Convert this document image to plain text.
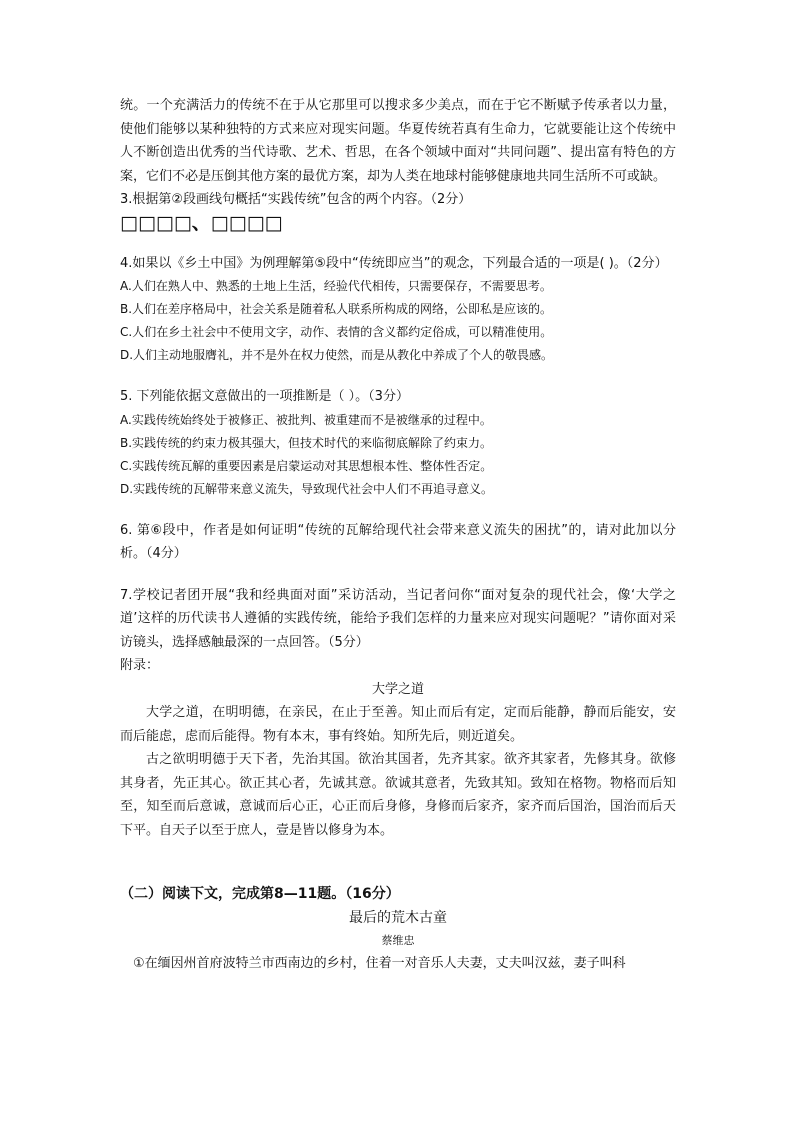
统。一个充满活力的传统不在于从它那里可以搜求多少美点，而在于它不断赋予传承者以力量，使他们能够以某种独特的方式来应对现实问题。华夏传统若真有生命力，它就要能让这个传统中人不断创造出优秀的当代诗歌、艺术、哲思，在各个领域中面对“共同问题”、提出富有特色的方案，它们不必是压倒其他方案的最优方案，却为人类在地球村能够健康地共同生活所不可或缺。

3.根据第②段画线句概括“实践传统”包含的两个内容。（2分）

□□□□、□□□□

4.如果以《乡土中国》为例理解第⑤段中“传统即应当”的观念，下列最合适的一项是( )。（2分）

A.人们在熟人中、熟悉的土地上生活，经验代代相传，只需要保存，不需要思考。

B.人们在差序格局中，社会关系是随着私人联系所构成的网络，公即私是应该的。

C.人们在乡土社会中不使用文字，动作、表情的含义都约定俗成，可以精准使用。

D.人们主动地服膺礼，并不是外在权力使然，而是从教化中养成了个人的敬畏感。

5. 下列能依据文意做出的一项推断是（ ）。（3分）

A.实践传统始终处于被修正、被批判、被重建而不是被继承的过程中。

B.实践传统的约束力极其强大，但技术时代的来临彻底解除了约束力。

C.实践传统瓦解的重要因素是启蒙运动对其思想根本性、整体性否定。

D.实践传统的瓦解带来意义流失，导致现代社会中人们不再追寻意义。

6. 第⑥段中，作者是如何证明“传统的瓦解给现代社会带来意义流失的困扰”的，请对此加以分析。（4分）

7.学校记者团开展“我和经典面对面”采访活动，当记者问你“面对复杂的现代社会，像‘大学之道’这样的历代读书人遵循的实践传统，能给予我们怎样的力量来应对现实问题呢？”请你面对采访镜头，选择感触最深的一点回答。（5分）

附录：

大学之道

大学之道，在明明德，在亲民，在止于至善。知止而后有定，定而后能静，静而后能安，安而后能虑，虑而后能得。物有本末，事有终始。知所先后，则近道矣。

古之欲明明德于天下者，先治其国。欲治其国者，先齐其家。欲齐其家者，先修其身。欲修其身者，先正其心。欲正其心者，先诚其意。欲诚其意者，先致其知。致知在格物。物格而后知至，知至而后意诚，意诚而后心正，心正而后身修，身修而后家齐，家齐而后国治，国治而后天下平。自天子以至于庶人，壹是皆以修身为本。

（二）阅读下文，完成第8—11题。（16分）

最后的荒木古童

蔡维忠

①在缅因州首府波特兰市西南边的乡村，住着一对音乐人夫妻，丈夫叫汉兹，妻子叫科
